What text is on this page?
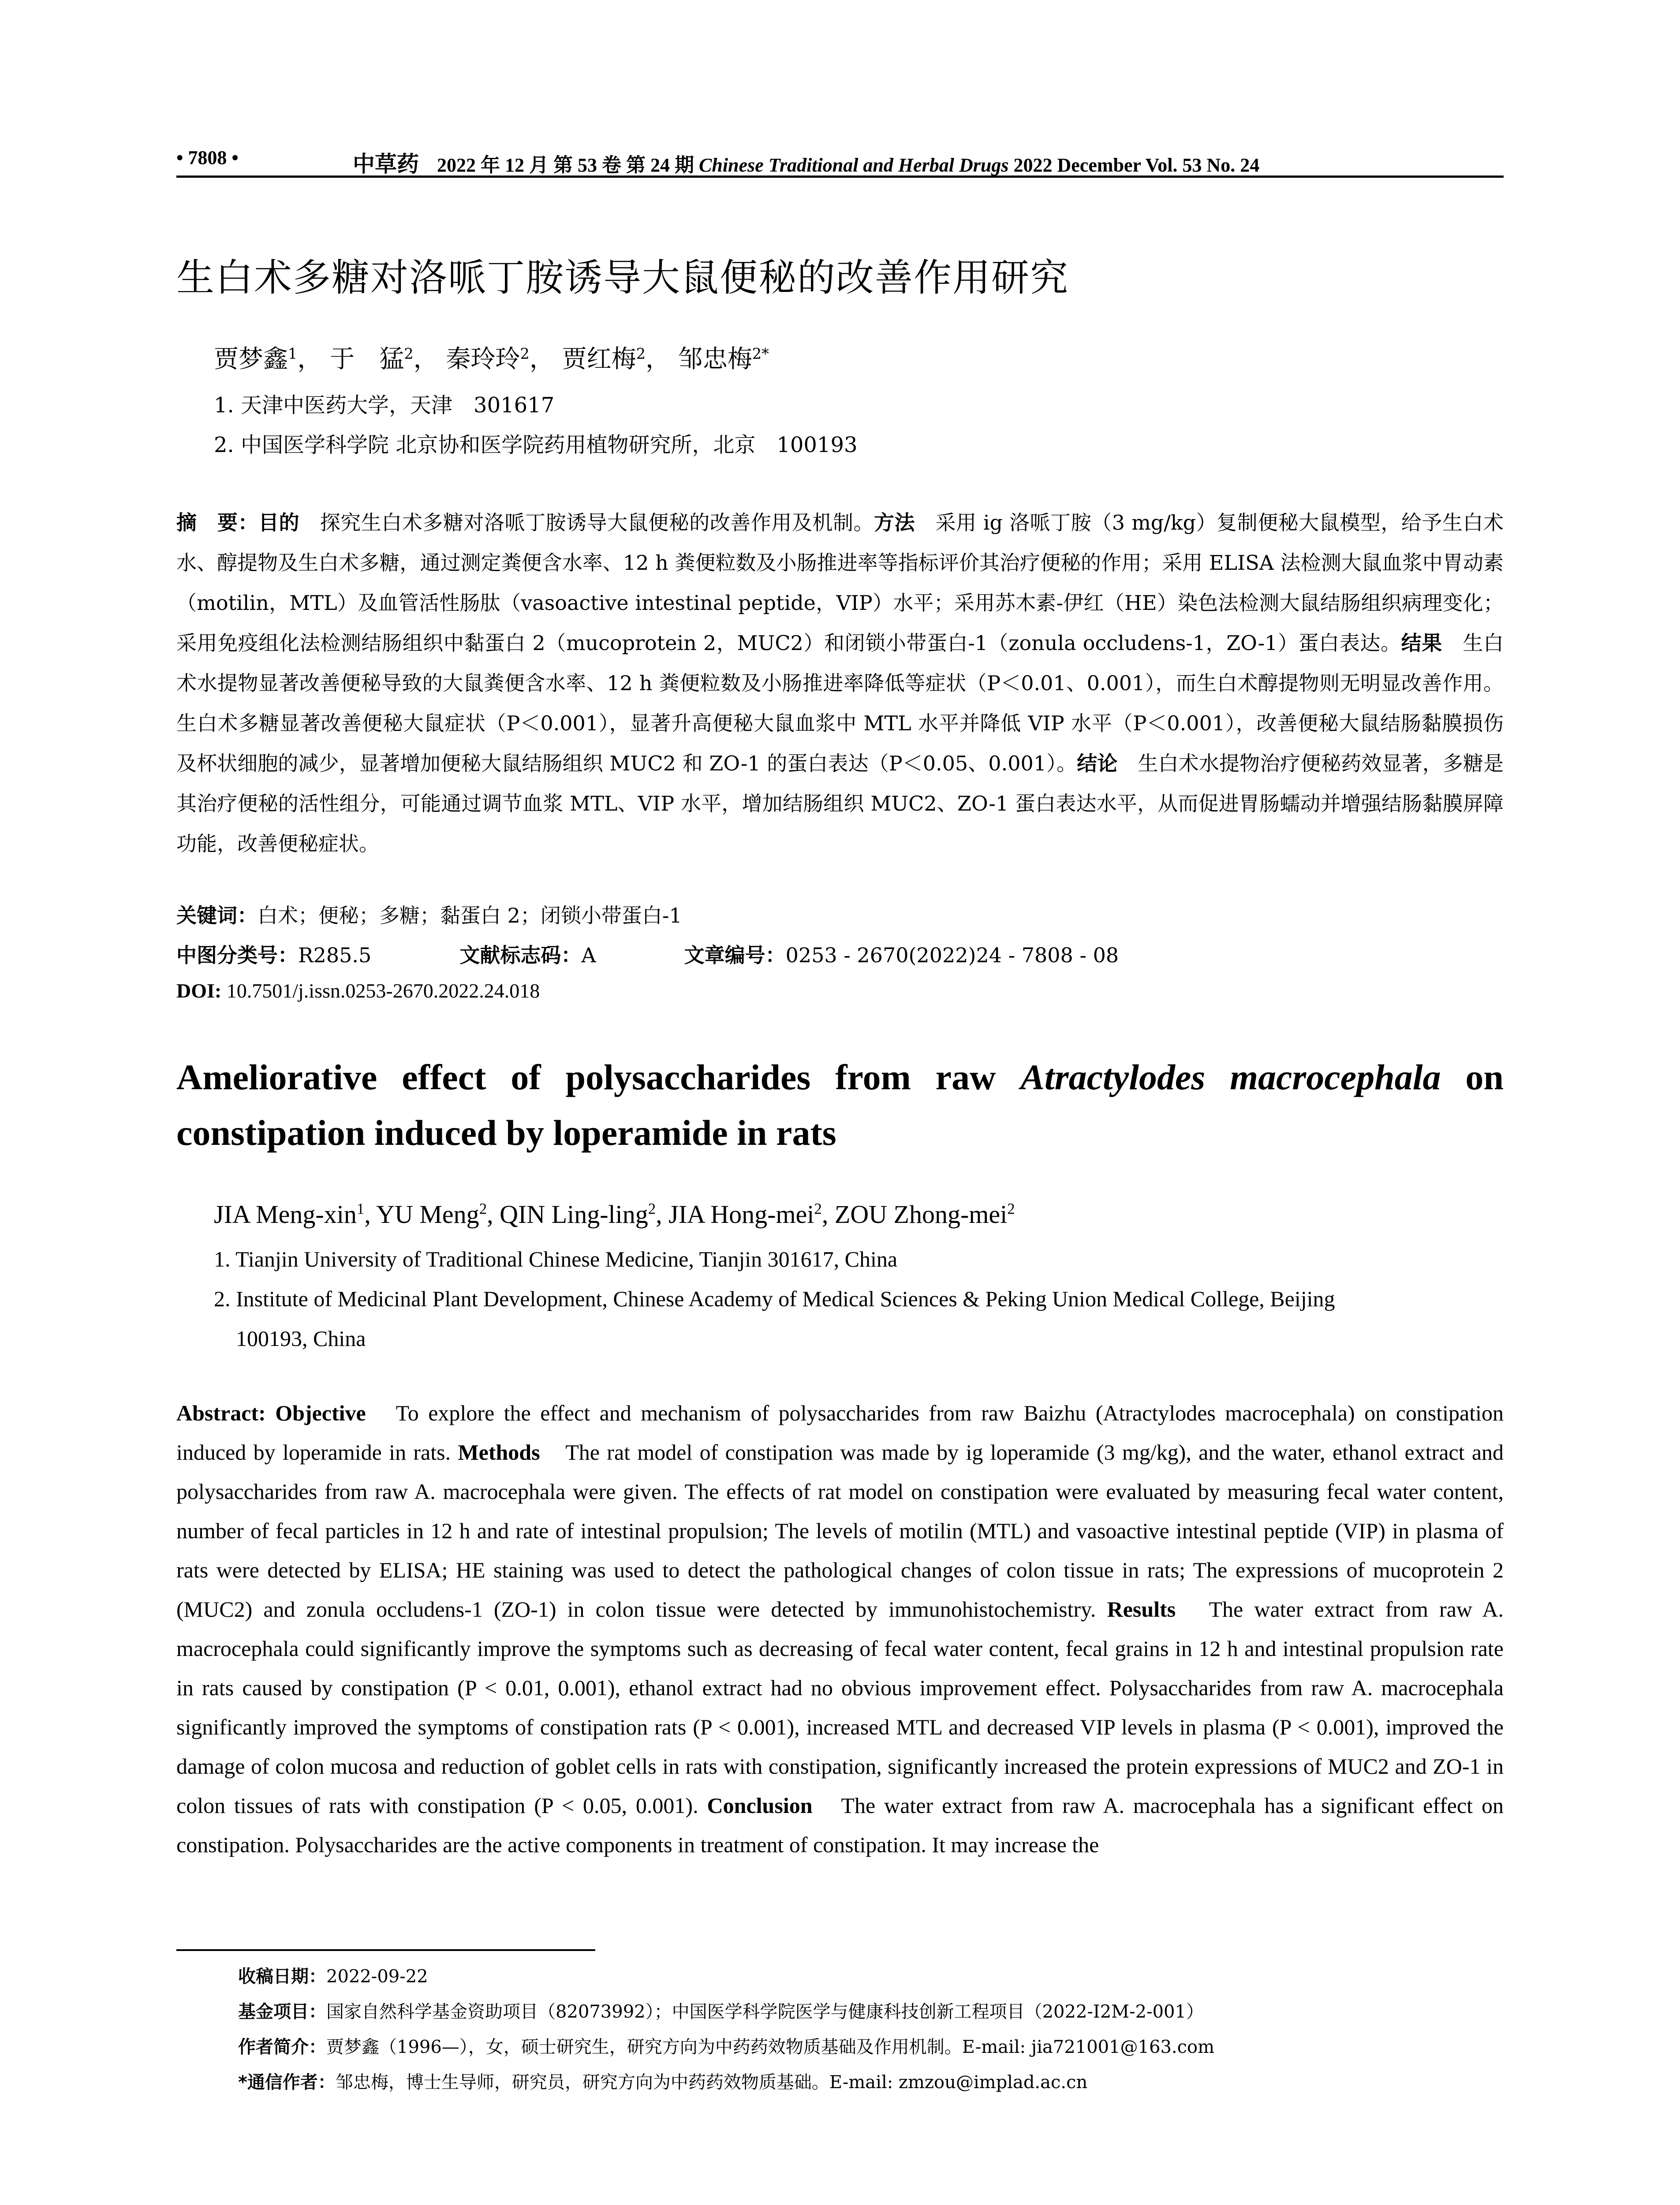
• 7808 •	中草药 2022 年 12 月 第 53 卷 第 24 期 Chinese Traditional and Herbal Drugs 2022 December Vol. 53 No. 24
生白术多糖对洛哌丁胺诱导大鼠便秘的改善作用研究
贾梦鑫$^1$， 于　猛$^2$， 秦玲玲$^2$， 贾红梅$^2$， 邹忠梅$^{2*}$
1. 天津中医药大学，天津　301617
2. 中国医学科学院 北京协和医学院药用植物研究所，北京　100193
摘　要：目的　探究生白术多糖对洛哌丁胺诱导大鼠便秘的改善作用及机制。方法　采用 ig 洛哌丁胺（3 mg/kg）复制便秘大鼠模型，给予生白术水、醇提物及生白术多糖，通过测定粪便含水率、12 h 粪便粒数及小肠推进率等指标评价其治疗便秘的作用；采用 ELISA 法检测大鼠血浆中胃动素（motilin，MTL）及血管活性肠肽（vasoactive intestinal peptide，VIP）水平；采用苏木素-伊红（HE）染色法检测大鼠结肠组织病理变化；采用免疫组化法检测结肠组织中黏蛋白 2（mucoprotein 2，MUC2）和闭锁小带蛋白-1（zonula occludens-1，ZO-1）蛋白表达。结果　生白术水提物显著改善便秘导致的大鼠粪便含水率、12 h 粪便粒数及小肠推进率降低等症状（P＜0.01、0.001），而生白术醇提物则无明显改善作用。生白术多糖显著改善便秘大鼠症状（P＜0.001），显著升高便秘大鼠血浆中 MTL 水平并降低 VIP 水平（P＜0.001），改善便秘大鼠结肠黏膜损伤及杯状细胞的减少，显著增加便秘大鼠结肠组织 MUC2 和 ZO-1 的蛋白表达（P＜0.05、0.001）。结论　生白术水提物治疗便秘药效显著，多糖是其治疗便秘的活性组分，可能通过调节血浆 MTL、VIP 水平，增加结肠组织 MUC2、ZO-1 蛋白表达水平，从而促进胃肠蠕动并增强结肠黏膜屏障功能，改善便秘症状。
关键词：白术；便秘；多糖；黏蛋白 2；闭锁小带蛋白-1
中图分类号：R285.5	文献标志码：A	文章编号：0253 - 2670(2022)24 - 7808 - 08
DOI: 10.7501/j.issn.0253-2670.2022.24.018
Ameliorative effect of polysaccharides from raw Atractylodes macrocephala on constipation induced by loperamide in rats
JIA Meng-xin$^1$, YU Meng$^2$, QIN Ling-ling$^2$, JIA Hong-mei$^2$, ZOU Zhong-mei$^2$
1. Tianjin University of Traditional Chinese Medicine, Tianjin 301617, China
2. Institute of Medicinal Plant Development, Chinese Academy of Medical Sciences & Peking Union Medical College, Beijing
100193, China
Abstract: Objective　To explore the effect and mechanism of polysaccharides from raw Baizhu (Atractylodes macrocephala) on constipation induced by loperamide in rats. Methods　The rat model of constipation was made by ig loperamide (3 mg/kg), and the water, ethanol extract and polysaccharides from raw A. macrocephala were given. The effects of rat model on constipation were evaluated by measuring fecal water content, number of fecal particles in 12 h and rate of intestinal propulsion; The levels of motilin (MTL) and vasoactive intestinal peptide (VIP) in plasma of rats were detected by ELISA; HE staining was used to detect the pathological changes of colon tissue in rats; The expressions of mucoprotein 2 (MUC2) and zonula occludens-1 (ZO-1) in colon tissue were detected by immunohistochemistry. Results　The water extract from raw A. macrocephala could significantly improve the symptoms such as decreasing of fecal water content, fecal grains in 12 h and intestinal propulsion rate in rats caused by constipation (P < 0.01, 0.001), ethanol extract had no obvious improvement effect. Polysaccharides from raw A. macrocephala significantly improved the symptoms of constipation rats (P < 0.001), increased MTL and decreased VIP levels in plasma (P < 0.001), improved the damage of colon mucosa and reduction of goblet cells in rats with constipation, significantly increased the protein expressions of MUC2 and ZO-1 in colon tissues of rats with constipation (P < 0.05, 0.001). Conclusion　The water extract from raw A. macrocephala has a significant effect on constipation. Polysaccharides are the active components in treatment of constipation. It may increase the
收稿日期：2022-09-22
基金项目：国家自然科学基金资助项目（82073992）；中国医学科学院医学与健康科技创新工程项目（2022-I2M-2-001）
作者简介：贾梦鑫（1996—），女，硕士研究生，研究方向为中药药效物质基础及作用机制。E-mail: jia721001@163.com
*通信作者：邹忠梅，博士生导师，研究员，研究方向为中药药效物质基础。E-mail: zmzou@implad.ac.cn
